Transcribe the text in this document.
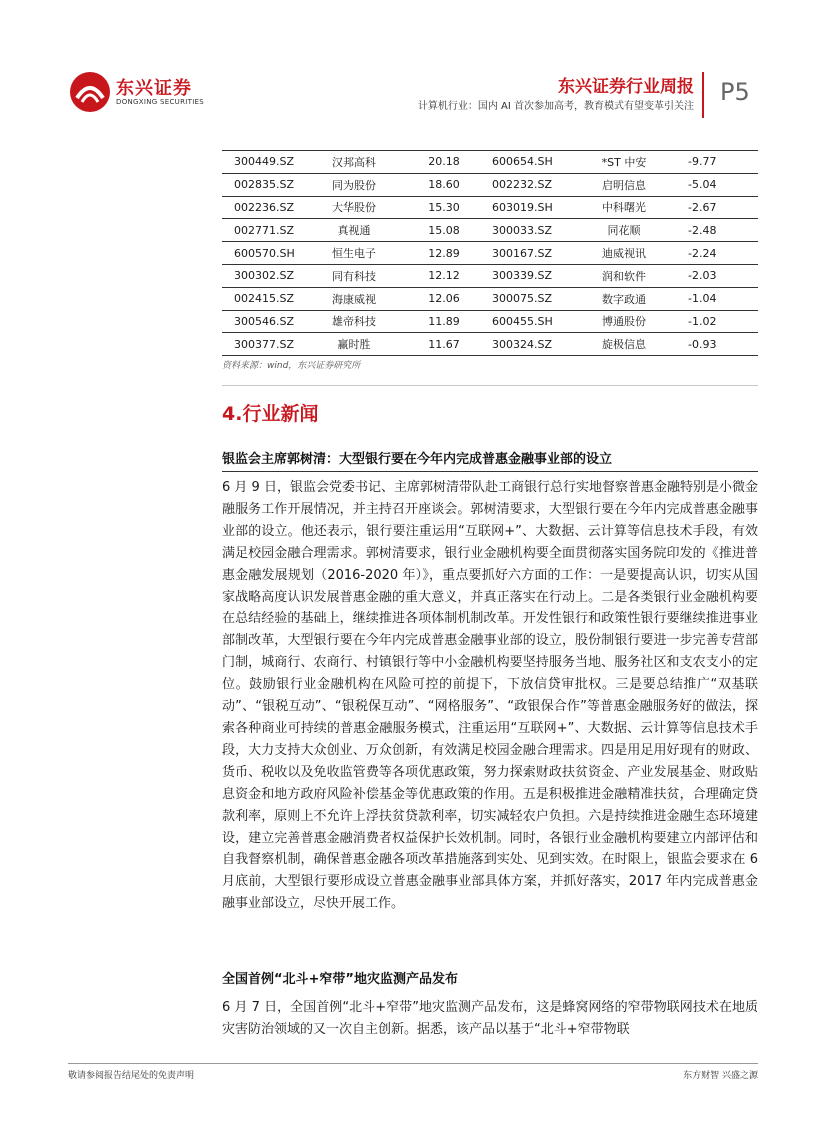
东兴证券
DONGXING SECURITIES
东兴证券行业周报
计算机行业：国内 AI 首次参加高考，教育模式有望变革引关注
P5
300449.SZ	汉邦高科	20.18	600654.SH	*ST 中安	-9.77
002835.SZ	同为股份	18.60	002232.SZ	启明信息	-5.04
002236.SZ	大华股份	15.30	603019.SH	中科曙光	-2.67
002771.SZ	真视通	15.08	300033.SZ	同花顺	-2.48
600570.SH	恒生电子	12.89	300167.SZ	迪威视讯	-2.24
300302.SZ	同有科技	12.12	300339.SZ	润和软件	-2.03
002415.SZ	海康威视	12.06	300075.SZ	数字政通	-1.04
300546.SZ	雄帝科技	11.89	600455.SH	博通股份	-1.02
300377.SZ	赢时胜	11.67	300324.SZ	旋极信息	-0.93
资料来源：wind，东兴证券研究所
4.行业新闻
银监会主席郭树清：大型银行要在今年内完成普惠金融事业部的设立
6 月 9 日，银监会党委书记、主席郭树清带队赴工商银行总行实地督察普惠金融特别是小微金融服务工作开展情况，并主持召开座谈会。郭树清要求，大型银行要在今年内完成普惠金融事业部的设立。他还表示，银行要注重运用“互联网+”、大数据、云计算等信息技术手段，有效满足校园金融合理需求。郭树清要求，银行业金融机构要全面贯彻落实国务院印发的《推进普惠金融发展规划（2016-2020 年）》，重点要抓好六方面的工作：一是要提高认识，切实从国家战略高度认识发展普惠金融的重大意义，并真正落实在行动上。二是各类银行业金融机构要在总结经验的基础上，继续推进各项体制机制改革。开发性银行和政策性银行要继续推进事业部制改革，大型银行要在今年内完成普惠金融事业部的设立，股份制银行要进一步完善专营部门制，城商行、农商行、村镇银行等中小金融机构要坚持服务当地、服务社区和支农支小的定位。鼓励银行业金融机构在风险可控的前提下，下放信贷审批权。三是要总结推广“双基联动”、“银税互动”、“银税保互动”、“网格服务”、“政银保合作”等普惠金融服务好的做法，探索各种商业可持续的普惠金融服务模式，注重运用“互联网+”、大数据、云计算等信息技术手段，大力支持大众创业、万众创新，有效满足校园金融合理需求。四是用足用好现有的财政、货币、税收以及免收监管费等各项优惠政策，努力探索财政扶贫资金、产业发展基金、财政贴息资金和地方政府风险补偿基金等优惠政策的作用。五是积极推进金融精准扶贫，合理确定贷款利率，原则上不允许上浮扶贫贷款利率，切实减轻农户负担。六是持续推进金融生态环境建设，建立完善普惠金融消费者权益保护长效机制。同时，各银行业金融机构要建立内部评估和自我督察机制，确保普惠金融各项改革措施落到实处、见到实效。在时限上，银监会要求在 6 月底前，大型银行要形成设立普惠金融事业部具体方案，并抓好落实，2017 年内完成普惠金融事业部设立，尽快开展工作。
全国首例“北斗+窄带”地灾监测产品发布
6 月 7 日，全国首例“北斗+窄带”地灾监测产品发布，这是蜂窝网络的窄带物联网技术在地质灾害防治领域的又一次自主创新。据悉，该产品以基于“北斗+窄带物联
敬请参阅报告结尾处的免责声明	东方财智 兴盛之源
